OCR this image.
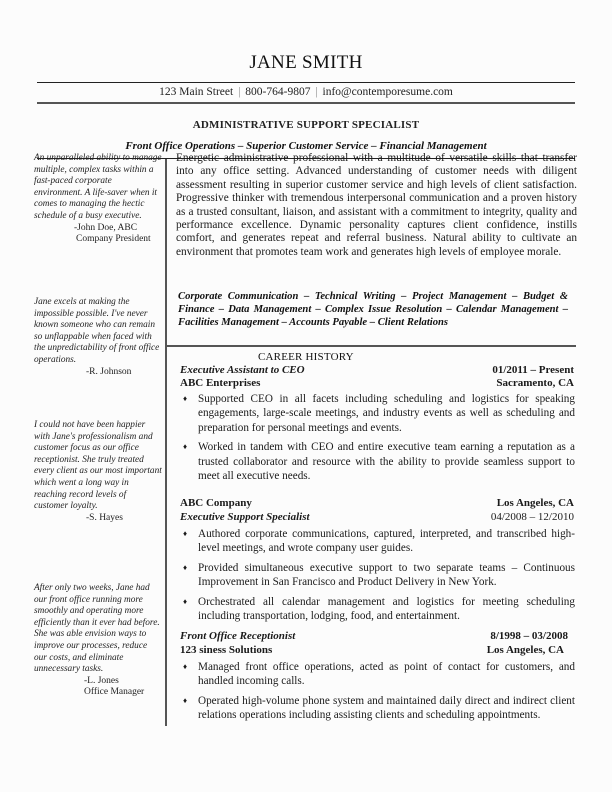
JANE SMITH
123 Main Street | 800-764-9807 | info@contemporesume.com
ADMINISTRATIVE SUPPORT SPECIALIST
Front Office Operations – Superior Customer Service – Financial Management
An unparalleled ability to manage multiple, complex tasks within a fast-paced corporate environment. A life-saver when it comes to managing the hectic schedule of a busy executive.
-John Doe, ABC
Company President
Jane excels at making the impossible possible. I've never known someone who can remain so unflappable when faced with the unpredictability of front office operations.
-R. Johnson
I could not have been happier with Jane's professionalism and customer focus as our office receptionist. She truly treated every client as our most important which went a long way in reaching record levels of customer loyalty.
-S. Hayes
After only two weeks, Jane had our front office running more smoothly and operating more efficiently than it ever had before. She was able envision ways to improve our processes, reduce our costs, and eliminate unnecessary tasks.
-L. Jones
Office Manager
Energetic administrative professional with a multitude of versatile skills that transfer into any office setting. Advanced understanding of customer needs with diligent assessment resulting in superior customer service and high levels of client satisfaction. Progressive thinker with tremendous interpersonal communication and a proven history as a trusted consultant, liaison, and assistant with a commitment to integrity, quality and performance excellence. Dynamic personality captures client confidence, instills comfort, and generates repeat and referral business. Natural ability to cultivate an environment that promotes team work and generates high levels of employee morale.
Corporate Communication – Technical Writing – Project Management – Budget & Finance – Data Management – Complex Issue Resolution – Calendar Management – Facilities Management – Accounts Payable – Client Relations
CAREER HISTORY
Executive Assistant to CEO	01/2011 – Present
ABC Enterprises	Sacramento, CA
♦ Supported CEO in all facets including scheduling and logistics for speaking engagements, large-scale meetings, and industry events as well as scheduling and preparation for personal meetings and events.
♦ Worked in tandem with CEO and entire executive team earning a reputation as a trusted collaborator and resource with the ability to provide seamless support to meet all executive needs.
ABC Company	Los Angeles, CA
Executive Support Specialist	04/2008 – 12/2010
♦ Authored corporate communications, captured, interpreted, and transcribed high-level meetings, and wrote company user guides.
♦ Provided simultaneous executive support to two separate teams – Continuous Improvement in San Francisco and Product Delivery in New York.
♦ Orchestrated all calendar management and logistics for meeting scheduling including transportation, lodging, food, and entertainment.
Front Office Receptionist	8/1998 – 03/2008
123 siness Solutions	Los Angeles, CA
♦ Managed front office operations, acted as point of contact for customers, and handled incoming calls.
♦ Operated high-volume phone system and maintained daily direct and indirect client relations operations including assisting clients and scheduling appointments.
